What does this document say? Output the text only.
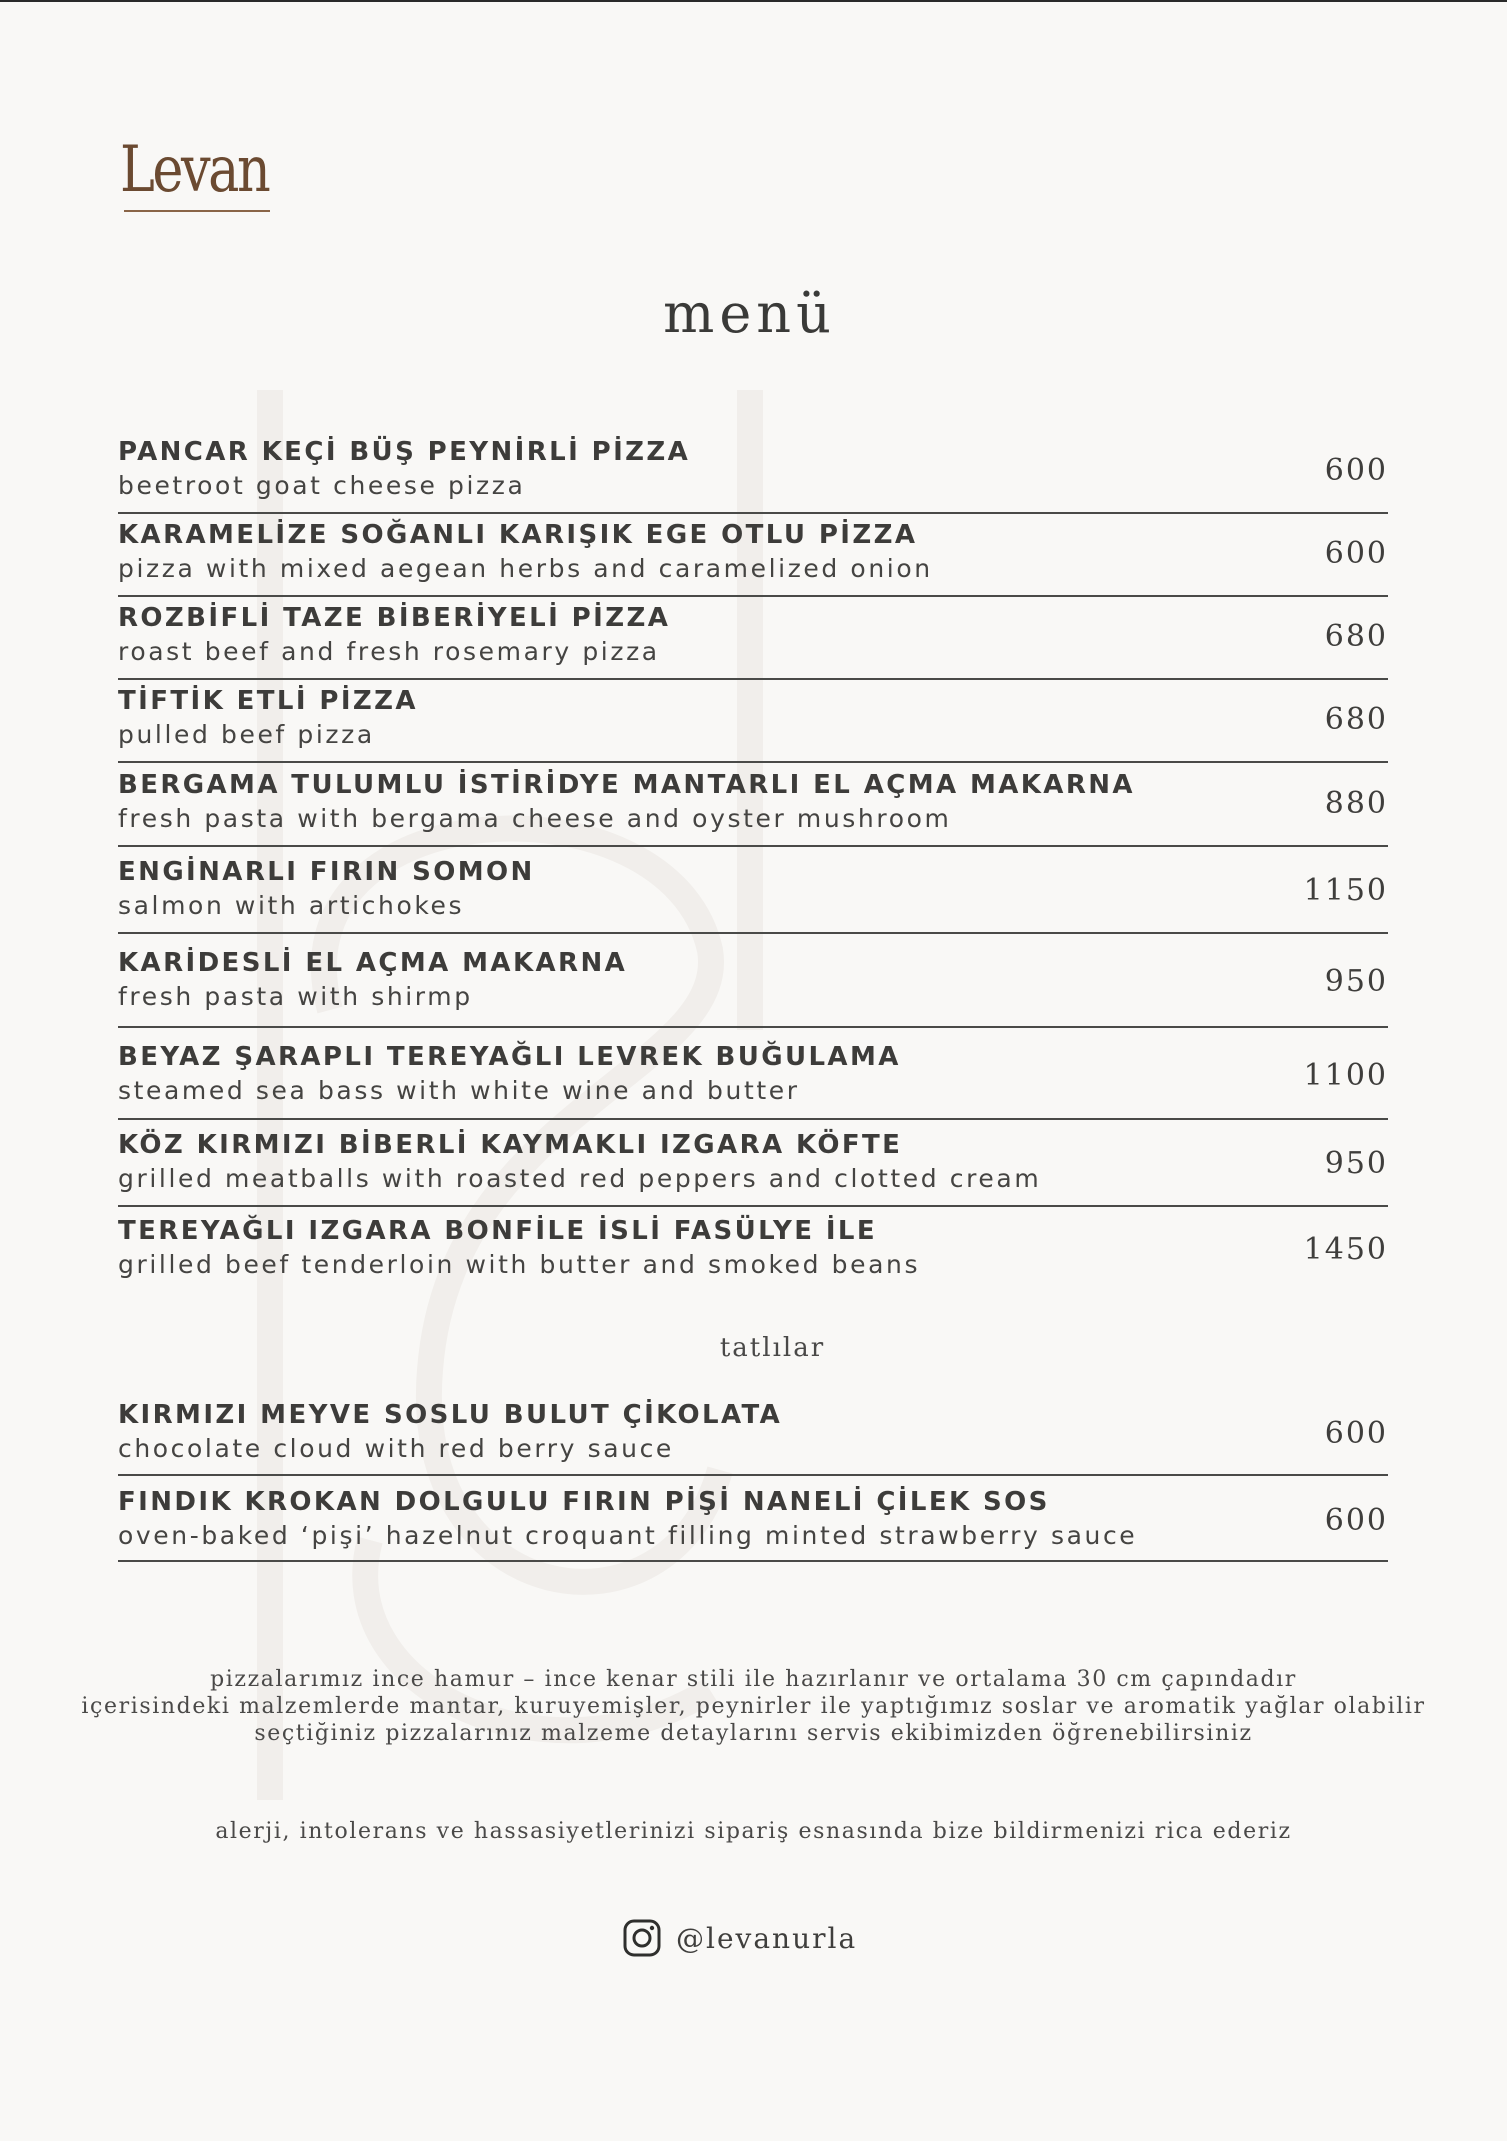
Levan
menü
PANCAR KEÇİ BÜŞ PEYNİRLİ PİZZA
beetroot goat cheese pizza	600
KARAMELİZE SOĞANLI KARIŞIK EGE OTLU PİZZA
pizza with mixed aegean herbs and caramelized onion	600
ROZBİFLİ TAZE BİBERİYELİ PİZZA
roast beef and fresh rosemary pizza	680
TİFTİK ETLİ PİZZA
pulled beef pizza	680
BERGAMA TULUMLU İSTİRİDYE MANTARLI EL AÇMA MAKARNA
fresh pasta with bergama cheese and oyster mushroom	880
ENGİNARLI FIRIN SOMON
salmon with artichokes	1150
KARİDESLİ EL AÇMA MAKARNA
fresh pasta with shirmp	950
BEYAZ ŞARAPLI TEREYAĞLI LEVREK BUĞULAMA
steamed sea bass with white wine and butter	1100
KÖZ KIRMIZI BİBERLİ KAYMAKLI IZGARA KÖFTE
grilled meatballs with roasted red peppers and clotted cream	950
TEREYAĞLI IZGARA BONFİLE İSLİ FASÜLYE İLE
grilled beef tenderloin with butter and smoked beans	1450
tatlılar
KIRMIZI MEYVE SOSLU BULUT ÇİKOLATA
chocolate cloud with red berry sauce	600
FINDIK KROKAN DOLGULU FIRIN PİŞİ NANELİ ÇİLEK SOS
oven-baked ‘pişi’ hazelnut croquant filling minted strawberry sauce	600
pizzalarımız ince hamur – ince kenar stili ile hazırlanır ve ortalama 30 cm çapındadır
içerisindeki malzemlerde mantar, kuruyemişler, peynirler ile yaptığımız soslar ve aromatik yağlar olabilir
seçtiğiniz pizzalarınız malzeme detaylarını servis ekibimizden öğrenebilirsiniz
alerji, intolerans ve hassasiyetlerinizi sipariş esnasında bize bildirmenizi rica ederiz
@levanurla
